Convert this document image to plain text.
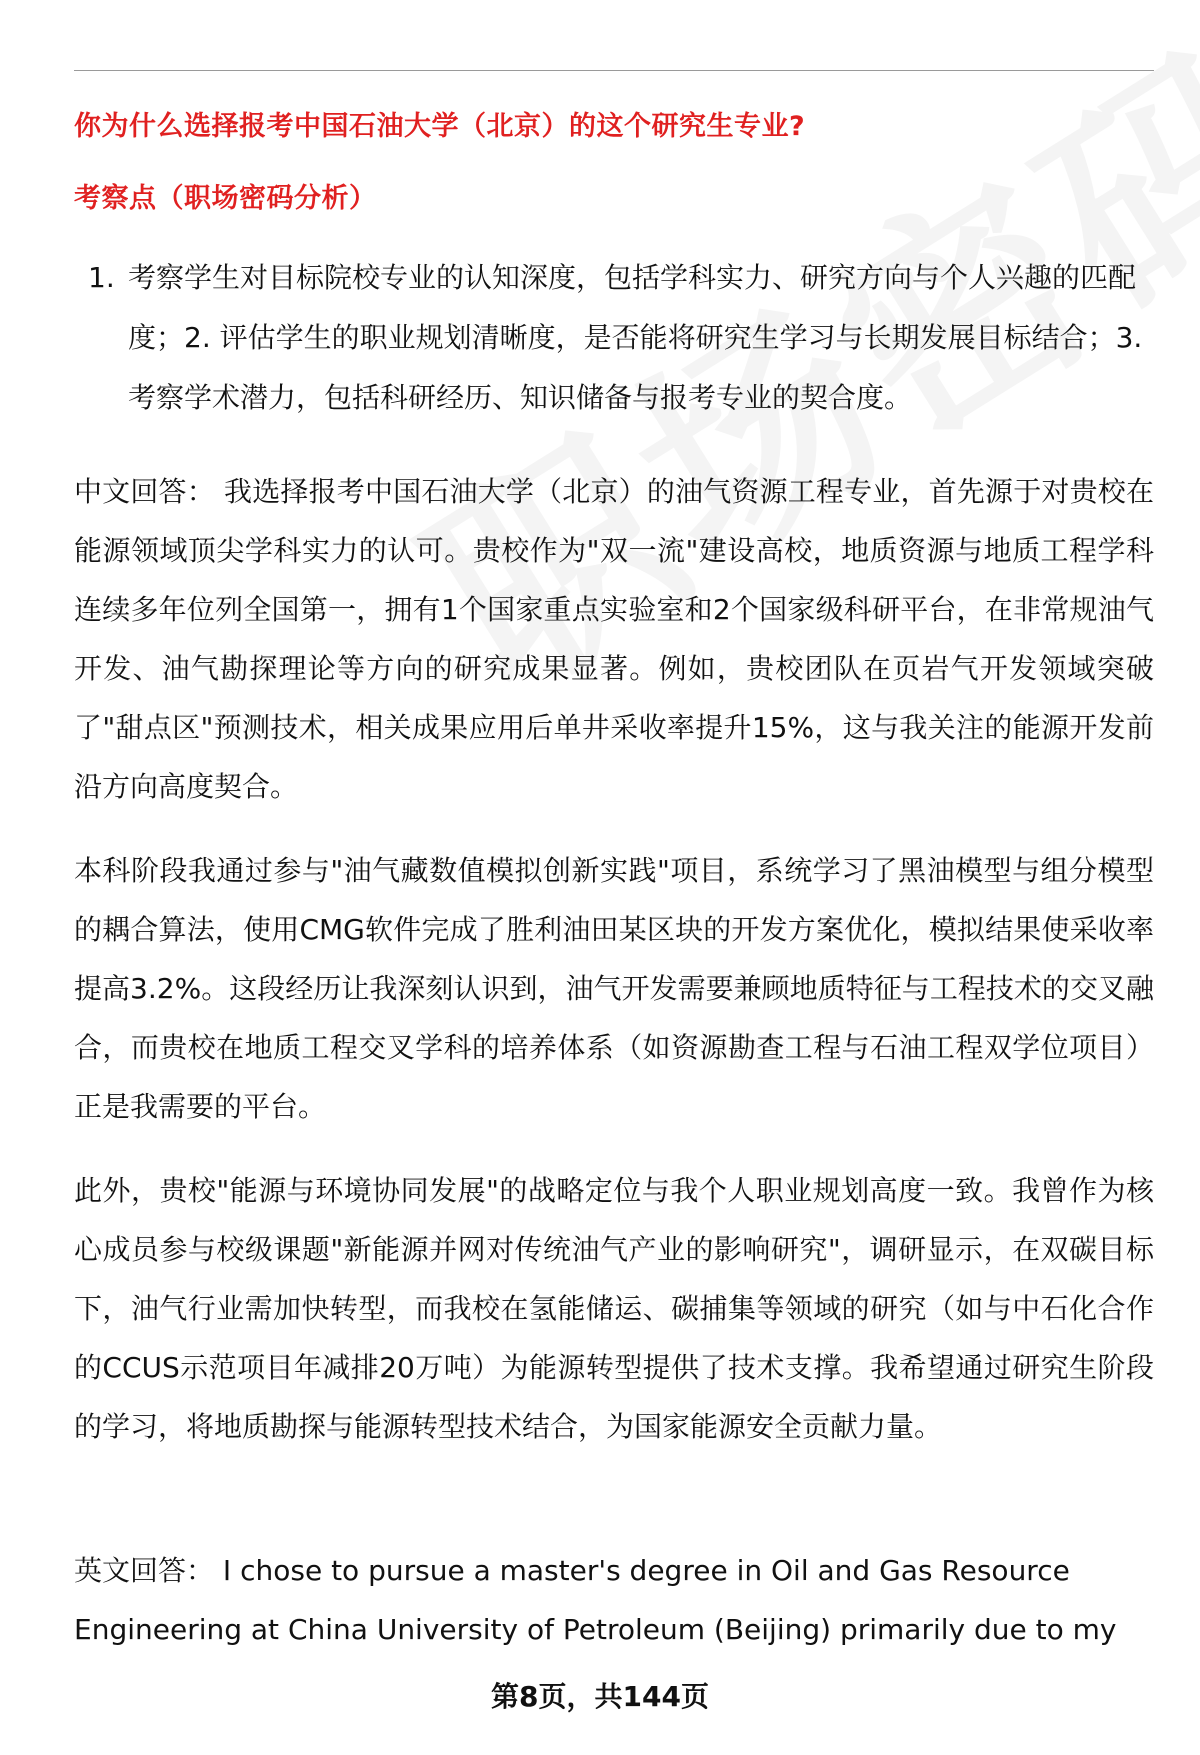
你为什么选择报考中国石油大学（北京）的这个研究生专业?
考察点（职场密码分析）
1. 考察学生对目标院校专业的认知深度，包括学科实力、研究方向与个人兴趣的匹配度；2. 评估学生的职业规划清晰度，是否能将研究生学习与长期发展目标结合；3. 考察学术潜力，包括科研经历、知识储备与报考专业的契合度。

中文回答： 我选择报考中国石油大学（北京）的油气资源工程专业，首先源于对贵校在能源领域顶尖学科实力的认可。贵校作为"双一流"建设高校，地质资源与地质工程学科连续多年位列全国第一，拥有1个国家重点实验室和2个国家级科研平台，在非常规油气开发、油气勘探理论等方向的研究成果显著。例如，贵校团队在页岩气开发领域突破了"甜点区"预测技术，相关成果应用后单井采收率提升15%，这与我关注的能源开发前沿方向高度契合。

本科阶段我通过参与"油气藏数值模拟创新实践"项目，系统学习了黑油模型与组分模型的耦合算法，使用CMG软件完成了胜利油田某区块的开发方案优化，模拟结果使采收率提高3.2%。这段经历让我深刻认识到，油气开发需要兼顾地质特征与工程技术的交叉融合，而贵校在地质工程交叉学科的培养体系（如资源勘查工程与石油工程双学位项目）正是我需要的平台。

此外，贵校"能源与环境协同发展"的战略定位与我个人职业规划高度一致。我曾作为核心成员参与校级课题"新能源并网对传统油气产业的影响研究"，调研显示，在双碳目标下，油气行业需加快转型，而我校在氢能储运、碳捕集等领域的研究（如与中石化合作的CCUS示范项目年减排20万吨）为能源转型提供了技术支撑。我希望通过研究生阶段的学习，将地质勘探与能源转型技术结合，为国家能源安全贡献力量。

英文回答： I chose to pursue a master's degree in Oil and Gas Resource Engineering at China University of Petroleum (Beijing) primarily due to my

第8页，共144页
